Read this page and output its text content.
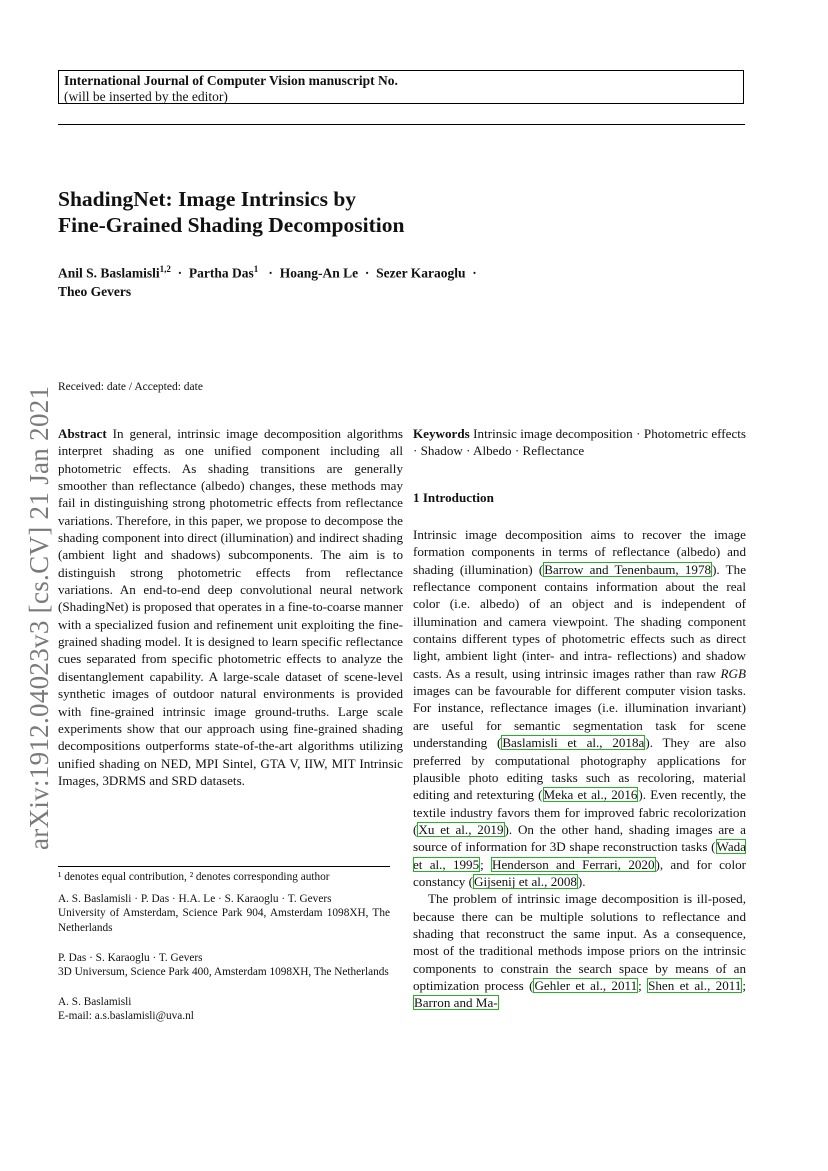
International Journal of Computer Vision manuscript No.
(will be inserted by the editor)
ShadingNet: Image Intrinsics by
Fine-Grained Shading Decomposition
Anil S. Baslamisli$^{1,2}$ · Partha Das$^1$ · Hoang-An Le · Sezer Karaoglu ·
Theo Gevers
arXiv:1912.04023v3 [cs.CV] 21 Jan 2021 Received: date / Accepted: date

Abstract In general, intrinsic image decomposition algorithms interpret shading as one unified component including all photometric effects. As shading transitions are generally smoother than reflectance (albedo) changes, these methods may fail in distinguishing strong photometric effects from reflectance variations. Therefore, in this paper, we propose to decompose the shading component into direct (illumination) and indirect shading (ambient light and shadows) subcomponents. The aim is to distinguish strong photometric effects from reflectance variations. An end-to-end deep convolutional neural network (ShadingNet) is proposed that operates in a fine-to-coarse manner with a specialized fusion and refinement unit exploiting the fine-grained shading model. It is designed to learn specific reflectance cues separated from specific photometric effects to analyze the disentanglement capability. A large-scale dataset of scene-level synthetic images of outdoor natural environments is provided with fine-grained intrinsic image ground-truths. Large scale experiments show that our approach using fine-grained shading decompositions outperforms state-of-the-art algorithms utilizing unified shading on NED, MPI Sintel, GTA V, IIW, MIT Intrinsic Images, 3DRMS and SRD datasets.

¹ denotes equal contribution, ² denotes corresponding author

A. S. Baslamisli · P. Das · H.A. Le · S. Karaoglu · T. Gevers

University of Amsterdam, Science Park 904, Amsterdam 1098XH, The Netherlands

P. Das · S. Karaoglu · T. Gevers

3D Universum, Science Park 400, Amsterdam 1098XH, The Netherlands

A. S. Baslamisli

E-mail: a.s.baslamisli@uva.nl

Keywords Intrinsic image decomposition · Photometric effects · Shadow · Albedo · Reflectance

1 Introduction

Intrinsic image decomposition aims to recover the image formation components in terms of reflectance (albedo) and shading (illumination) (Barrow and Tenenbaum, 1978). The reflectance component contains information about the real color (i.e. albedo) of an object and is independent of illumination and camera viewpoint. The shading component contains different types of photometric effects such as direct light, ambient light (inter- and intra- reflections) and shadow casts. As a result, using intrinsic images rather than raw RGB images can be favourable for different computer vision tasks. For instance, reflectance images (i.e. illumination invariant) are useful for semantic segmentation task for scene understanding (Baslamisli et al., 2018a). They are also preferred by computational photography applications for plausible photo editing tasks such as recoloring, material editing and retexturing (Meka et al., 2016). Even recently, the textile industry favors them for improved fabric recolorization (Xu et al., 2019). On the other hand, shading images are a source of information for 3D shape reconstruction tasks (Wada et al., 1995; Henderson and Ferrari, 2020), and for color constancy (Gijsenij et al., 2008).

The problem of intrinsic image decomposition is ill-posed, because there can be multiple solutions to reflectance and shading that reconstruct the same input. As a consequence, most of the traditional methods impose priors on the intrinsic components to constrain the search space by means of an optimization process (Gehler et al., 2011; Shen et al., 2011; Barron and Ma-
